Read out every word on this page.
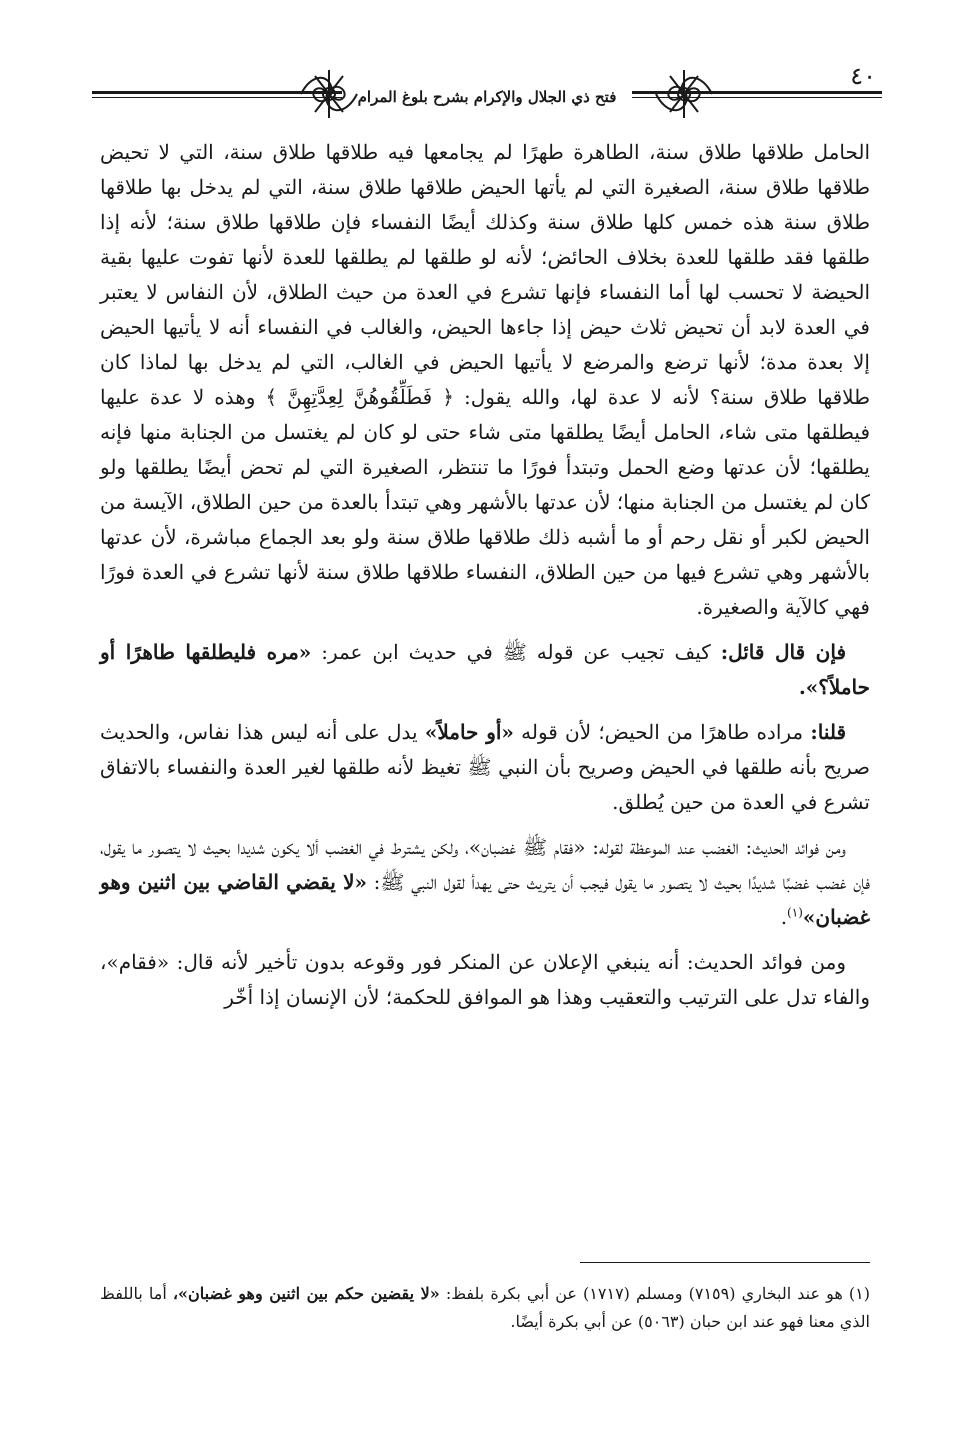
٤٠
فتح ذي الجلال والإكرام بشرح بلوغ المرام

الحامل طلاقها طلاق سنة، الطاهرة طهرًا لم يجامعها فيه طلاقها طلاق سنة، التي لا تحيض طلاقها طلاق سنة، الصغيرة التي لم يأتها الحيض طلاقها طلاق سنة، التي لم يدخل بها طلاقها طلاق سنة هذه خمس كلها طلاق سنة وكذلك أيضًا النفساء فإن طلاقها طلاق سنة؛ لأنه إذا طلقها فقد طلقها للعدة بخلاف الحائض؛ لأنه لو طلقها لم يطلقها للعدة لأنها تفوت عليها بقية الحيضة لا تحسب لها أما النفساء فإنها تشرع في العدة من حيث الطلاق، لأن النفاس لا يعتبر في العدة لابد أن تحيض ثلاث حيض إذا جاءها الحيض، والغالب في النفساء أنه لا يأتيها الحيض إلا بعدة مدة؛ لأنها ترضع والمرضع لا يأتيها الحيض في الغالب، التي لم يدخل بها لماذا كان طلاقها طلاق سنة؟ لأنه لا عدة لها، والله يقول: ﴿ فَطَلِّقُوهُنَّ لِعِدَّتِهِنَّ ﴾ وهذه لا عدة عليها فيطلقها متى شاء، الحامل أيضًا يطلقها متى شاء حتى لو كان لم يغتسل من الجنابة منها فإنه يطلقها؛ لأن عدتها وضع الحمل وتبتدأ فورًا ما تنتظر، الصغيرة التي لم تحض أيضًا يطلقها ولو كان لم يغتسل من الجنابة منها؛ لأن عدتها بالأشهر وهي تبتدأ بالعدة من حين الطلاق، الآيسة من الحيض لكبر أو نقل رحم أو ما أشبه ذلك طلاقها طلاق سنة ولو بعد الجماع مباشرة، لأن عدتها بالأشهر وهي تشرع فيها من حين الطلاق، النفساء طلاقها طلاق سنة لأنها تشرع في العدة فورًا فهي كالآية والصغيرة.

فإن قال قائل: كيف تجيب عن قوله ﷺ في حديث ابن عمر: «مره فليطلقها طاهرًا أو حاملاً؟».

قلنا: مراده طاهرًا من الحيض؛ لأن قوله «أو حاملاً» يدل على أنه ليس هذا نفاس، والحديث صريح بأنه طلقها في الحيض وصريح بأن النبي ﷺ تغيظ لأنه طلقها لغير العدة والنفساء بالاتفاق تشرع في العدة من حين يُطلق.

ومن فوائد الحديث: الغضب عند الموعظة لقوله: «فقام ﷺ غضبان»، ولكن يشترط في الغضب ألا يكون شديدا بحيث لا يتصور ما يقول، فإن غضب غضبًا شديدًا بحيث لا يتصور ما يقول فيجب أن يتريث حتى يهدأ لقول النبي ﷺ: «لا يقضي القاضي بين اثنين وهو غضبان»$^{(١)}$.

ومن فوائد الحديث: أنه ينبغي الإعلان عن المنكر فور وقوعه بدون تأخير لأنه قال: «فقام»، والفاء تدل على الترتيب والتعقيب وهذا هو الموافق للحكمة؛ لأن الإنسان إذا أخّر

(١) هو عند البخاري (٧١٥٩) ومسلم (١٧١٧) عن أبي بكرة بلفظ: «لا يقضين حكم بين اثنين وهو غضبان»، أما باللفظ الذي معنا فهو عند ابن حبان (٥٠٦٣) عن أبي بكرة أيضًا.
